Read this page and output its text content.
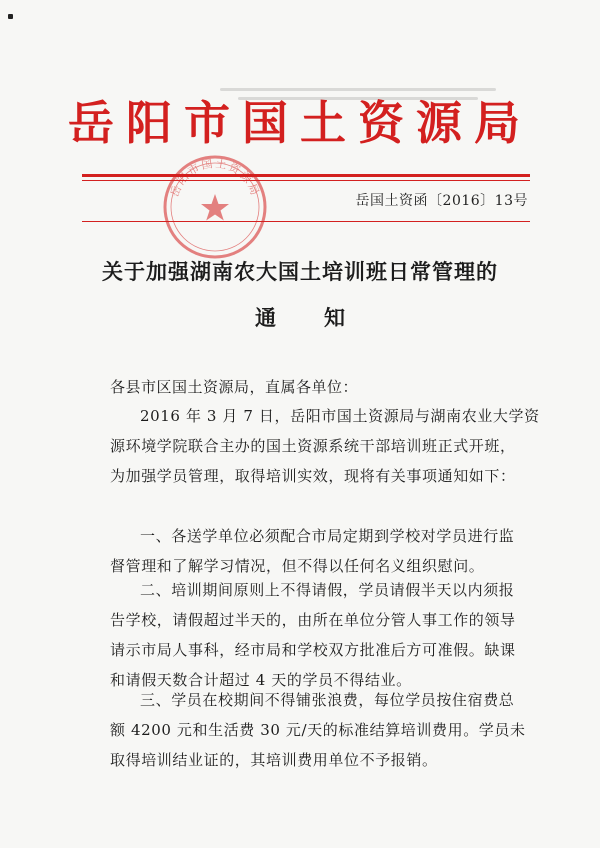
岳阳市国土资源局
岳阳市国土资源局
岳国土资函〔2016〕13号
关于加强湖南农大国土培训班日常管理的
通知
各县市区国土资源局，直属各单位：
2016 年 3 月 7 日，岳阳市国土资源局与湖南农业大学资
源环境学院联合主办的国土资源系统干部培训班正式开班，
为加强学员管理，取得培训实效，现将有关事项通知如下：
一、各送学单位必须配合市局定期到学校对学员进行监
督管理和了解学习情况，但不得以任何名义组织慰问。
二、培训期间原则上不得请假，学员请假半天以内须报
告学校，请假超过半天的，由所在单位分管人事工作的领导
请示市局人事科，经市局和学校双方批准后方可准假。缺课
和请假天数合计超过 4 天的学员不得结业。
三、学员在校期间不得铺张浪费，每位学员按住宿费总
额 4200 元和生活费 30 元/天的标准结算培训费用。学员未
取得培训结业证的，其培训费用单位不予报销。
